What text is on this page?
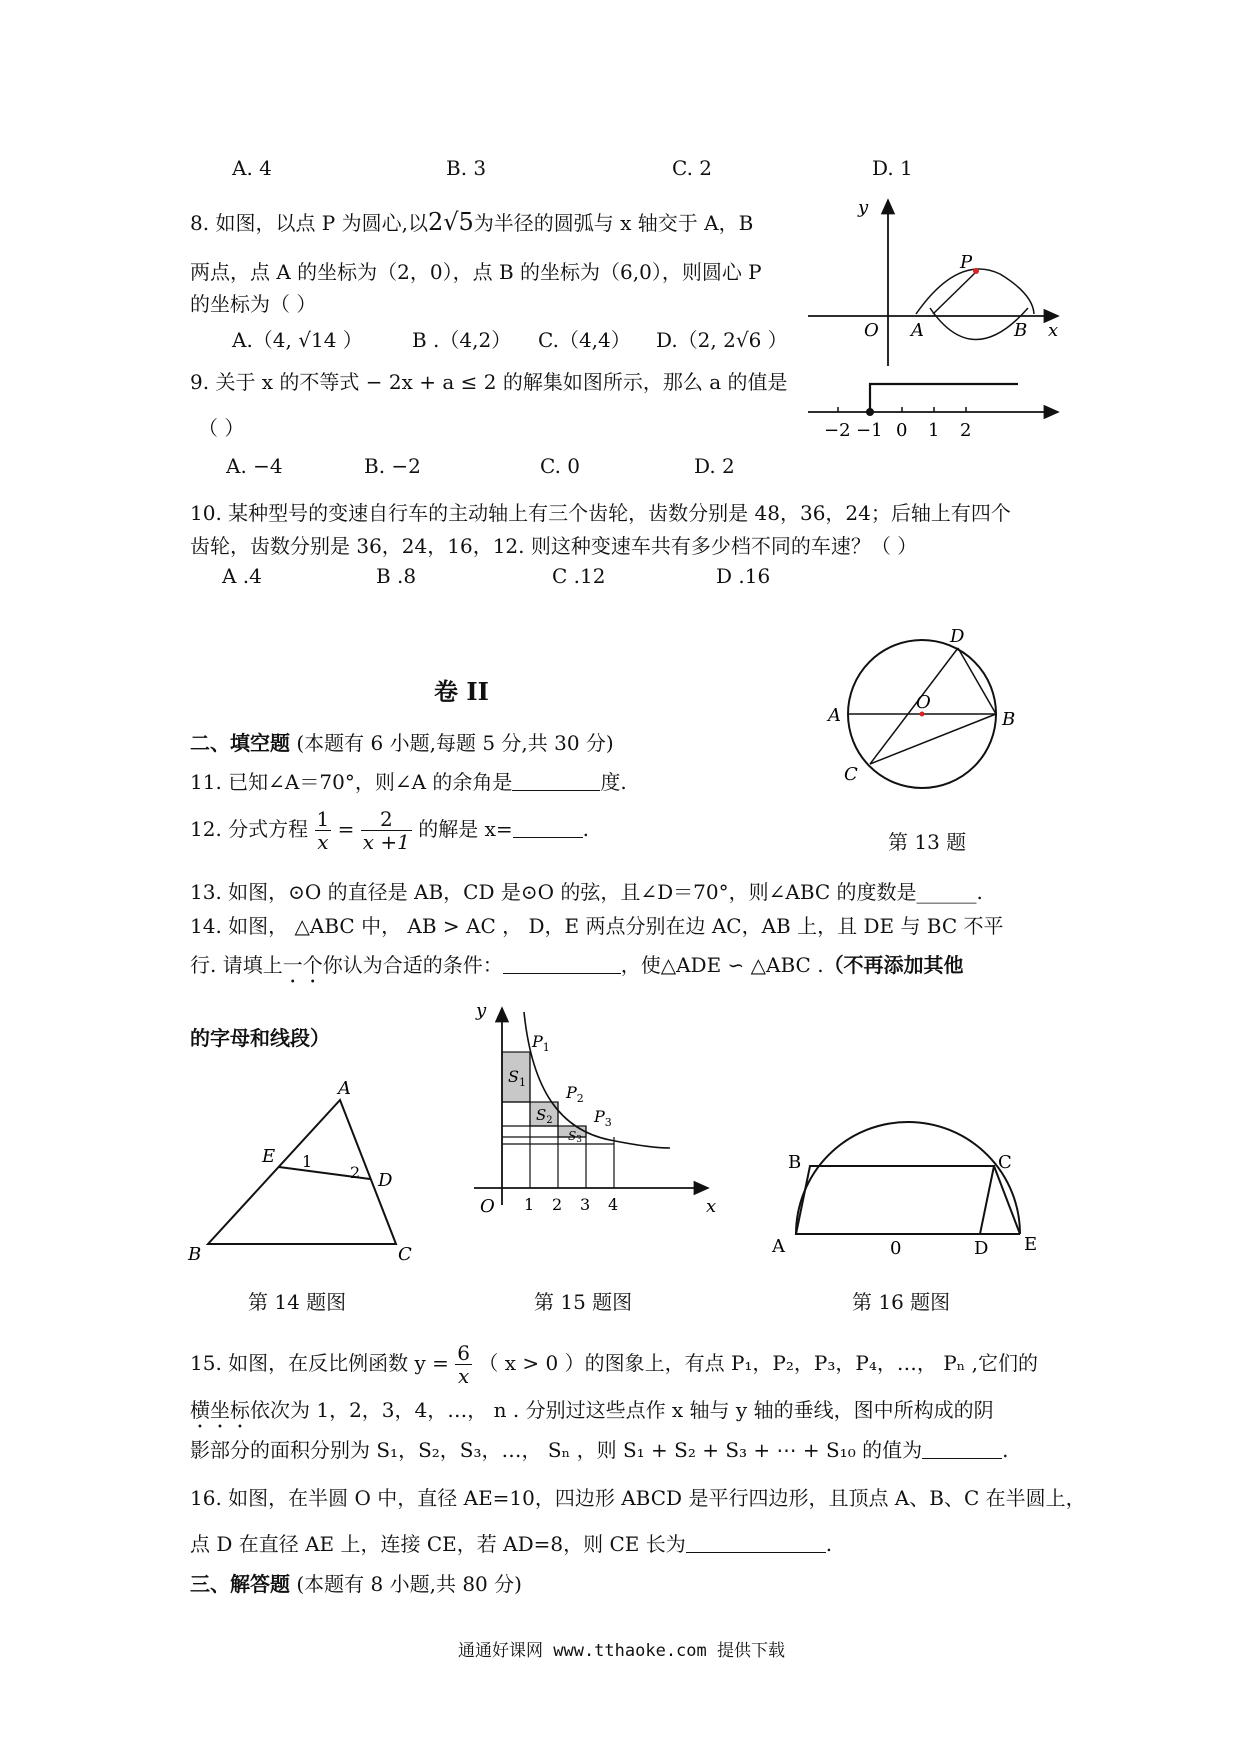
A. 4	B. 3	C. 2	D. 1
8. 如图，以点 P 为圆心,以2√5为半径的圆弧与 x 轴交于 A，B
两点，点 A 的坐标为（2，0），点 B 的坐标为（6,0），则圆心 P
的坐标为（ ）
A.（4, √14 ） B .（4,2） C.（4,4） D.（2, 2√6 ）
y
x
O A	B
P
9. 关于 x 的不等式 − 2x + a ≤ 2 的解集如图所示，那么 a 的值是
（ ）
A. −4	B. −2	C. 0	D. 2
−2 −1 0 1 2
10. 某种型号的变速自行车的主动轴上有三个齿轮，齿数分别是 48，36，24；后轴上有四个
齿轮，齿数分别是 36，24，16，12. 则这种变速车共有多少档不同的车速？（ ）
A .4	B .8	C .12	D .16
卷 II
二、填空题 (本题有 6 小题,每题 5 分,共 30 分)
11. 已知∠A＝70°，则∠A 的余角是	度.
12. 分式方程 $\frac{1}{x} = \frac{2}{x +1}$ 的解是 x=	.
A	B
C
D
O
第 13 题
13. 如图，⊙O 的直径是 AB，CD 是⊙O 的弦，且∠D＝70°，则∠ABC 的度数是______.
14. 如图， △ABC 中， AB > AC ， D，E 两点分别在边 AC，AB 上，且 DE 与 BC 不平
行. 请填上一个你认为合适的条件：	，使△ADE ∽ △ABC .（不再添加其他
的字母和线段）
A
B	C
D
E 1
2
第 14 题图
y
x
O
$P_1$
$P_2$
$P_3$
$S_1$
$S_2$
S3
1 2 3 4
第 15 题图
A
B	C
D E
0
第 16 题图
15. 如图，在反比例函数 $y = \frac{6}{x}$ （ x > 0 ）的图象上，有点 P₁，P₂，P₃，P₄，…， Pₙ ,它们的
横坐标依次为 1，2，3，4，…， n . 分别过这些点作 x 轴与 y 轴的垂线，图中所构成的阴
影部分的面积分别为 S₁，S₂，S₃，…， Sₙ ，则 S₁ + S₂ + S₃ + ⋯ + S₁₀ 的值为	.
16. 如图，在半圆 O 中，直径 AE=10，四边形 ABCD 是平行四边形，且顶点 A、B、C 在半圆上，
点 D 在直径 AE 上，连接 CE，若 AD=8，则 CE 长为	.
三、解答题 (本题有 8 小题,共 80 分)
通通好课网 www.tthaoke.com 提供下载
